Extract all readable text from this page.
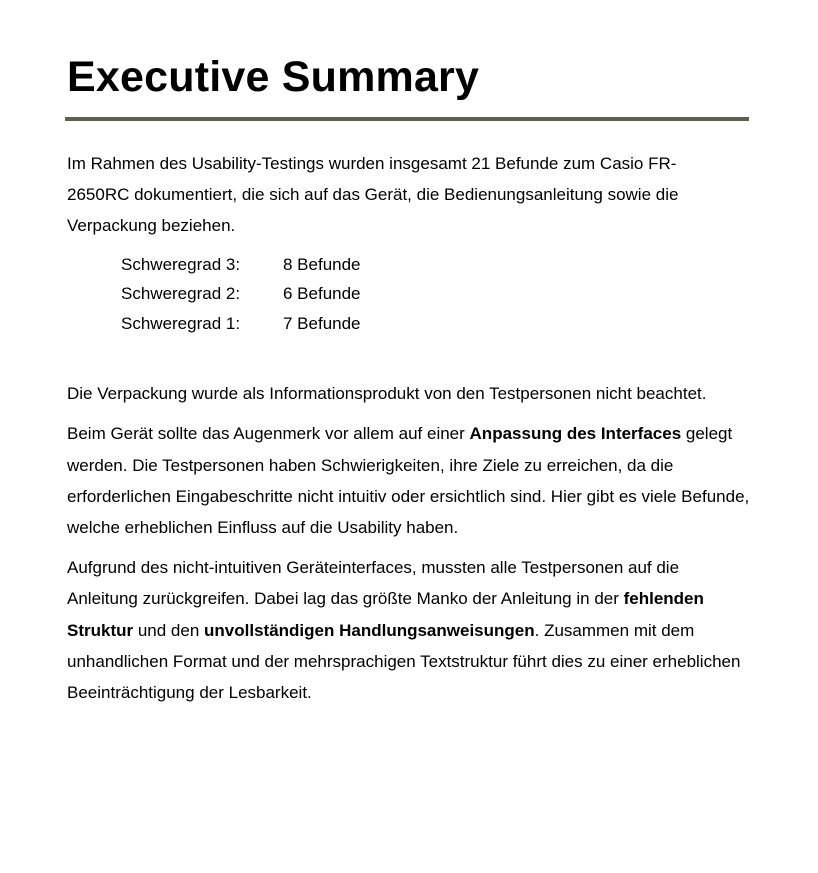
Executive Summary

Im Rahmen des Usability-Testings wurden insgesamt 21 Befunde zum Casio FR-2650RC dokumentiert, die sich auf das Gerät, die Bedienungsanleitung sowie die Verpackung beziehen.

Schweregrad 3:	8 Befunde
Schweregrad 2:	6 Befunde
Schweregrad 1:	7 Befunde

Die Verpackung wurde als Informationsprodukt von den Testpersonen nicht beachtet.

Beim Gerät sollte das Augenmerk vor allem auf einer Anpassung des Interfaces gelegt werden. Die Testpersonen haben Schwierigkeiten, ihre Ziele zu erreichen, da die erforderlichen Eingabeschritte nicht intuitiv oder ersichtlich sind. Hier gibt es viele Befunde, welche erheblichen Einfluss auf die Usability haben.

Aufgrund des nicht-intuitiven Geräteinterfaces, mussten alle Testpersonen auf die Anleitung zurückgreifen. Dabei lag das größte Manko der Anleitung in der fehlenden Struktur und den unvollständigen Handlungsanweisungen. Zusammen mit dem unhandlichen Format und der mehrsprachigen Textstruktur führt dies zu einer erheblichen Beeinträchtigung der Lesbarkeit.
